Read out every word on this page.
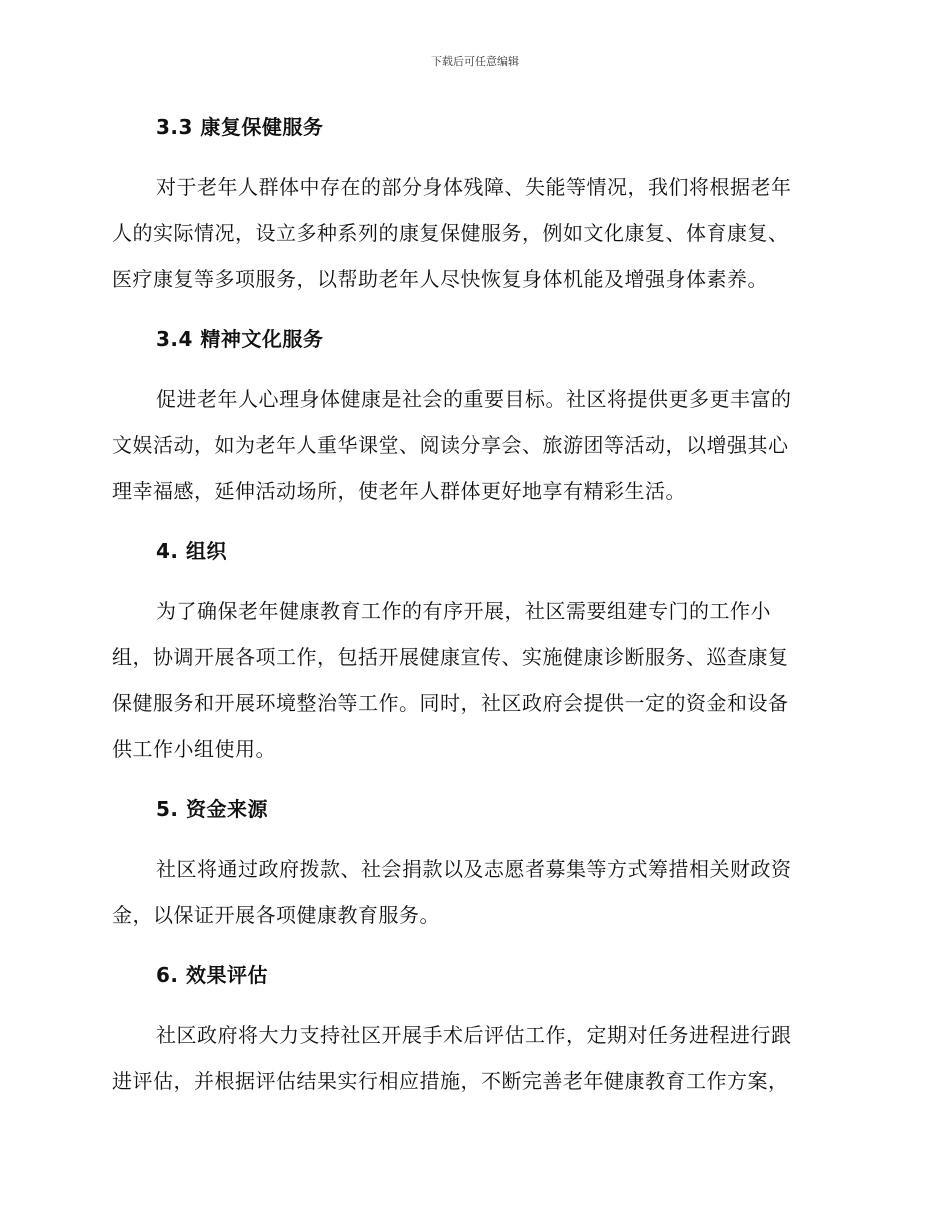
下载后可任意编辑
3.3 康复保健服务
对于老年人群体中存在的部分身体残障、失能等情况，我们将根据老年
人的实际情况，设立多种系列的康复保健服务，例如文化康复、体育康复、
医疗康复等多项服务，以帮助老年人尽快恢复身体机能及增强身体素养。
3.4 精神文化服务
促进老年人心理身体健康是社会的重要目标。社区将提供更多更丰富的
文娱活动，如为老年人重华课堂、阅读分享会、旅游团等活动，以增强其心
理幸福感，延伸活动场所，使老年人群体更好地享有精彩生活。
4. 组织
为了确保老年健康教育工作的有序开展，社区需要组建专门的工作小
组，协调开展各项工作，包括开展健康宣传、实施健康诊断服务、巡查康复
保健服务和开展环境整治等工作。同时，社区政府会提供一定的资金和设备
供工作小组使用。
5. 资金来源
社区将通过政府拨款、社会捐款以及志愿者募集等方式筹措相关财政资
金，以保证开展各项健康教育服务。
6. 效果评估
社区政府将大力支持社区开展手术后评估工作，定期对任务进程进行跟
进评估，并根据评估结果实行相应措施，不断完善老年健康教育工作方案，
